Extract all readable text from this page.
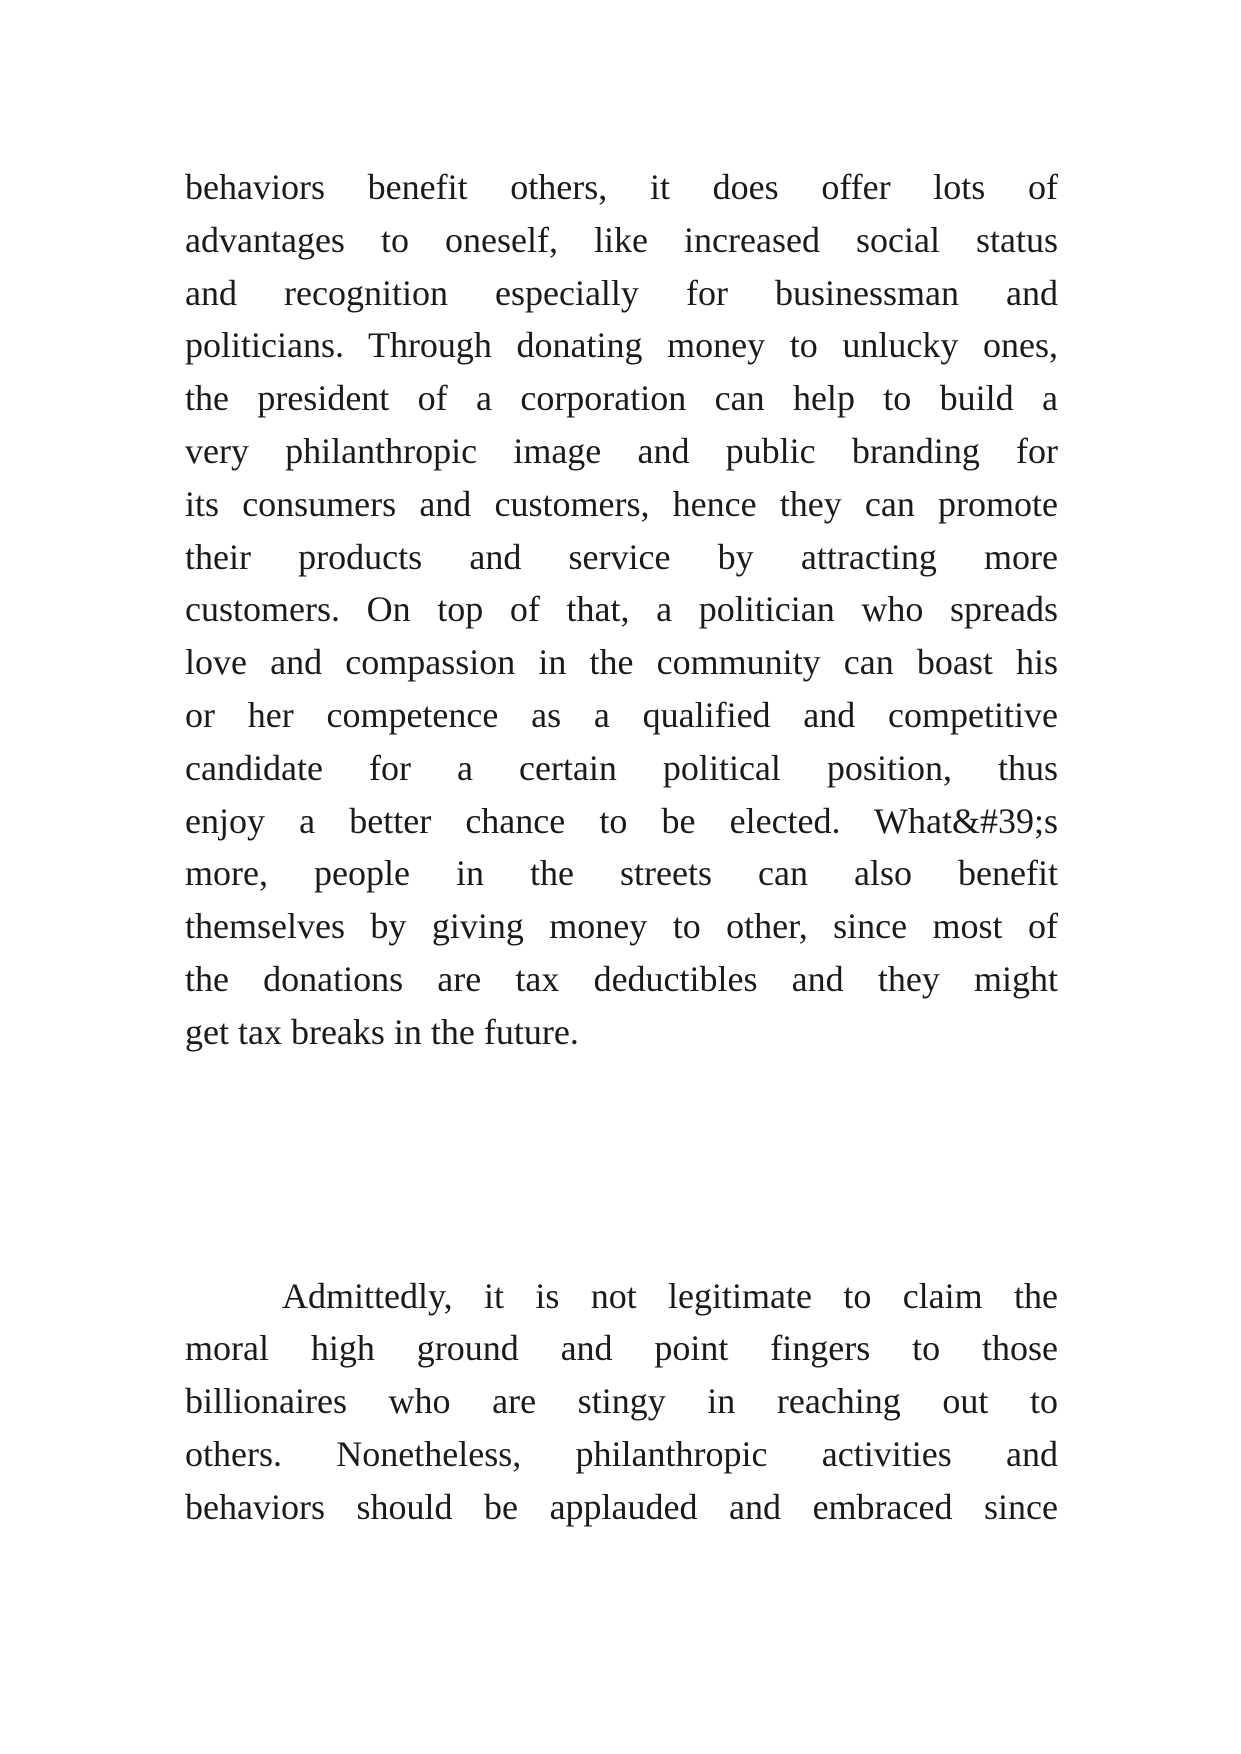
behaviors benefit others, it does offer lots of
advantages to oneself, like increased social status
and recognition especially for businessman and
politicians. Through donating money to unlucky ones,
the president of a corporation can help to build a
very philanthropic image and public branding for
its consumers and customers, hence they can promote
their products and service by attracting more
customers. On top of that, a politician who spreads
love and compassion in the community can boast his
or her competence as a qualified and competitive
candidate for a certain political position, thus
enjoy a better chance to be elected. What&#39;s
more, people in the streets can also benefit
themselves by giving money to other, since most of
the donations are tax deductibles and they might
get tax breaks in the future.
Admittedly, it is not legitimate to claim the
moral high ground and point fingers to those
billionaires who are stingy in reaching out to
others. Nonetheless, philanthropic activities and
behaviors should be applauded and embraced since
